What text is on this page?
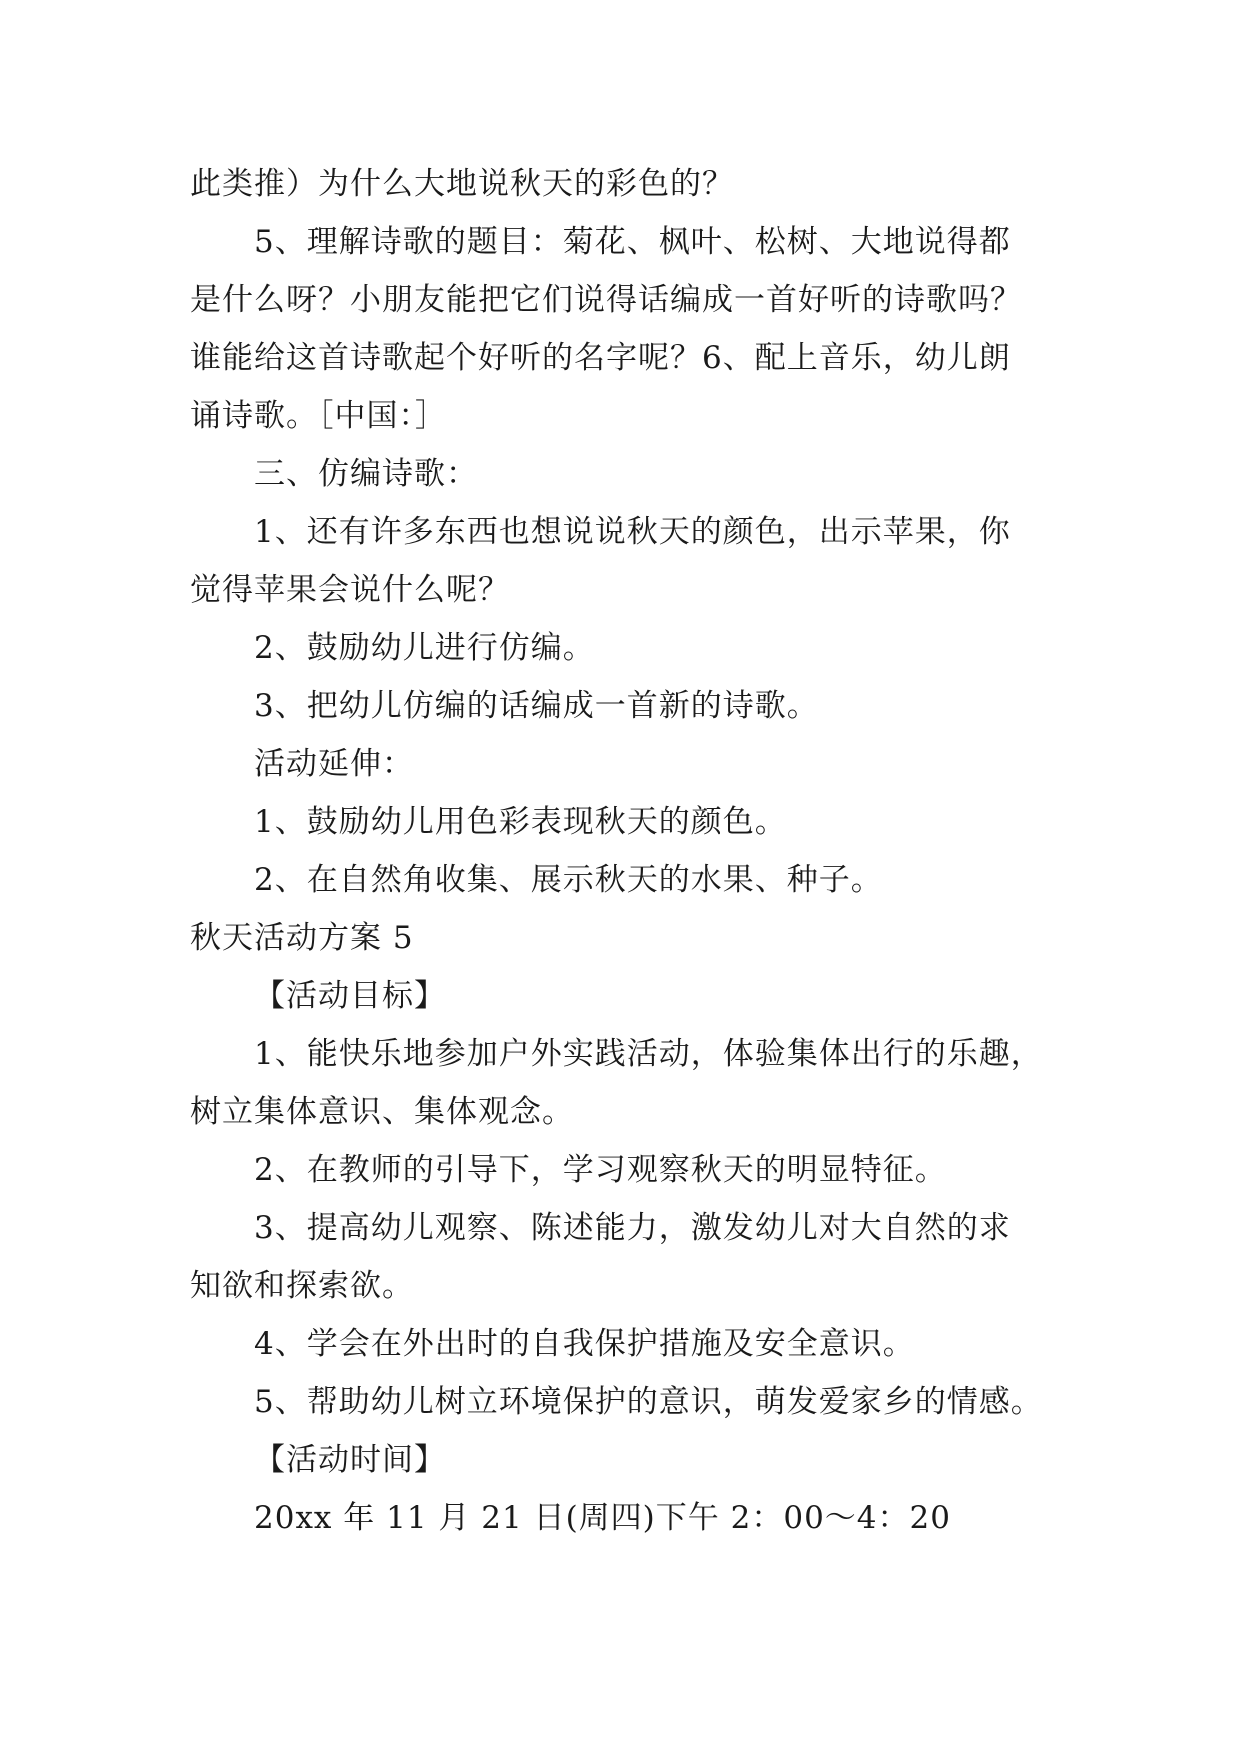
此类推）为什么大地说秋天的彩色的？
5、理解诗歌的题目：菊花、枫叶、松树、大地说得都
是什么呀？小朋友能把它们说得话编成一首好听的诗歌吗？
谁能给这首诗歌起个好听的名字呢？6、配上音乐，幼儿朗
诵诗歌。［中国：］
三、仿编诗歌：
1、还有许多东西也想说说秋天的颜色，出示苹果，你
觉得苹果会说什么呢？
2、鼓励幼儿进行仿编。
3、把幼儿仿编的话编成一首新的诗歌。
活动延伸：
1、鼓励幼儿用色彩表现秋天的颜色。
2、在自然角收集、展示秋天的水果、种子。
秋天活动方案 5
【活动目标】
1、能快乐地参加户外实践活动，体验集体出行的乐趣，
树立集体意识、集体观念。
2、在教师的引导下，学习观察秋天的明显特征。
3、提高幼儿观察、陈述能力，激发幼儿对大自然的求
知欲和探索欲。
4、学会在外出时的自我保护措施及安全意识。
5、帮助幼儿树立环境保护的意识，萌发爱家乡的情感。
【活动时间】
20xx 年 11 月 21 日(周四)下午 2：00～4：20
